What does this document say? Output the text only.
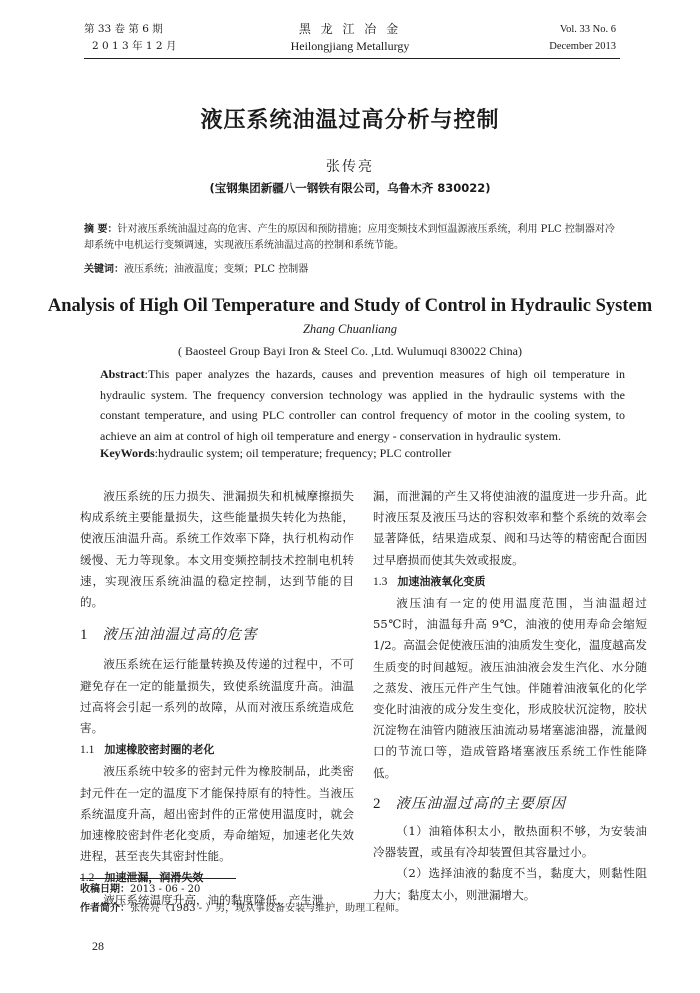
第 33 卷 第 6 期
2 0 1 3 年 1 2 月
黑 龙 江 冶 金
Heilongjiang Metallurgy
Vol. 33 No. 6
December 2013
液压系统油温过高分析与控制
张传亮
(宝钢集团新疆八一钢铁有限公司，乌鲁木齐 830022)
摘 要：针对液压系统油温过高的危害、产生的原因和预防措施；应用变频技术到恒温源液压系统，利用 PLC 控制器对冷却系统中电机运行变频调速，实现液压系统油温过高的控制和系统节能。
关键词：液压系统；油液温度；变频；PLC 控制器
Analysis of High Oil Temperature and Study of Control in Hydraulic System
Zhang Chuanliang
( Baosteel Group Bayi Iron & Steel Co. ,Ltd. Wulumuqi 830022 China)
Abstract:This paper analyzes the hazards, causes and prevention measures of high oil temperature in hydraulic system. The frequency conversion technology was applied in the hydraulic systems with the constant temperature, and using PLC controller can control frequency of motor in the cooling system, to achieve an aim at control of high oil temperature and energy - conservation in hydraulic system.
KeyWords:hydraulic system; oil temperature; frequency; PLC controller

液压系统的压力损失、泄漏损失和机械摩擦损失构成系统主要能量损失，这些能量损失转化为热能，使液压油温升高。系统工作效率下降，执行机构动作缓慢、无力等现象。本文用变频控制技术控制电机转速，实现液压系统油温的稳定控制，达到节能的目的。

1 液压油油温过高的危害

液压系统在运行能量转换及传递的过程中，不可避免存在一定的能量损失，致使系统温度升高。油温过高将会引起一系列的故障，从而对液压系统造成危害。

1.1 加速橡胶密封圈的老化

液压系统中较多的密封元件为橡胶制品，此类密封元件在一定的温度下才能保持原有的特性。当液压系统温度升高，超出密封件的正常使用温度时，就会加速橡胶密封件老化变质，寿命缩短，加速老化失效进程，甚至丧失其密封性能。

1.2 加速泄漏，润滑失效

液压系统温度升高，油的黏度降低，产生泄

漏，而泄漏的产生又将使油液的温度进一步升高。此时液压泵及液压马达的容积效率和整个系统的效率会显著降低，结果造成泵、阀和马达等的精密配合面因过早磨损而使其失效或报废。

1.3 加速油液氧化变质

液压油有一定的使用温度范围，当油温超过 55℃时，油温每升高 9℃，油液的使用寿命会缩短 1/2。高温会促使液压油的油质发生变化，温度越高发生质变的时间越短。液压油油液会发生汽化、水分随之蒸发、液压元件产生气蚀。伴随着油液氧化的化学变化时油液的成分发生变化，形成胶状沉淀物，胶状沉淀物在油管内随液压油流动易堵塞滤油器，流量阀口的节流口等，造成管路堵塞液压系统工作性能降低。

2 液压油温过高的主要原因

（1）油箱体积太小，散热面积不够，为安装油冷器装置，或虽有冷却装置但其容量过小。

（2）选择油液的黏度不当，黏度大，则黏性阻力大；黏度太小，则泄漏增大。

收稿日期：2013 - 06 - 20
作者简介：张传亮（1983 - ）男，现从事设备安装与维护，助理工程师。
28
